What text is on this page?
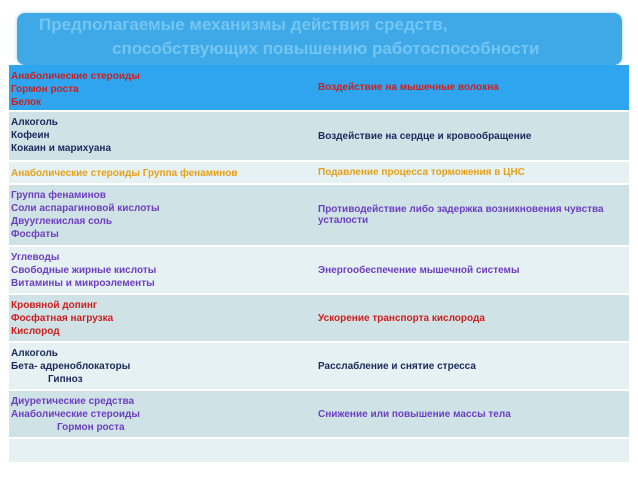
Предполагаемые механизмы действия средств,
способствующих повышению работоспособности
Анаболические стероиды
Гормон роста
Белок
Воздействие на мышечные волокна
Алкоголь
Кофеин
Кокаин и марихуана
Воздействие на сердце и кровообращение
Анаболические стероиды Группа фенаминов	Подавление процесса торможения в ЦНС
Группа фенаминов
Соли аспарагиновой кислоты
Двууглекислая соль
Фосфаты
Противодействие либо задержка возникновения чувства усталости
Углеводы
Свободные жирные кислоты
Витамины и микроэлементы
Энергообеспечение мышечной системы
Кровяной допинг
Фосфатная нагрузка
Кислород
Ускорение транспорта кислорода
Алкоголь
Бета- адреноблокаторы
Гипноз
Расслабление и снятие стресса
Диуретические средства
Анаболические стероиды
Гормон роста
Снижение или повышение массы тела
